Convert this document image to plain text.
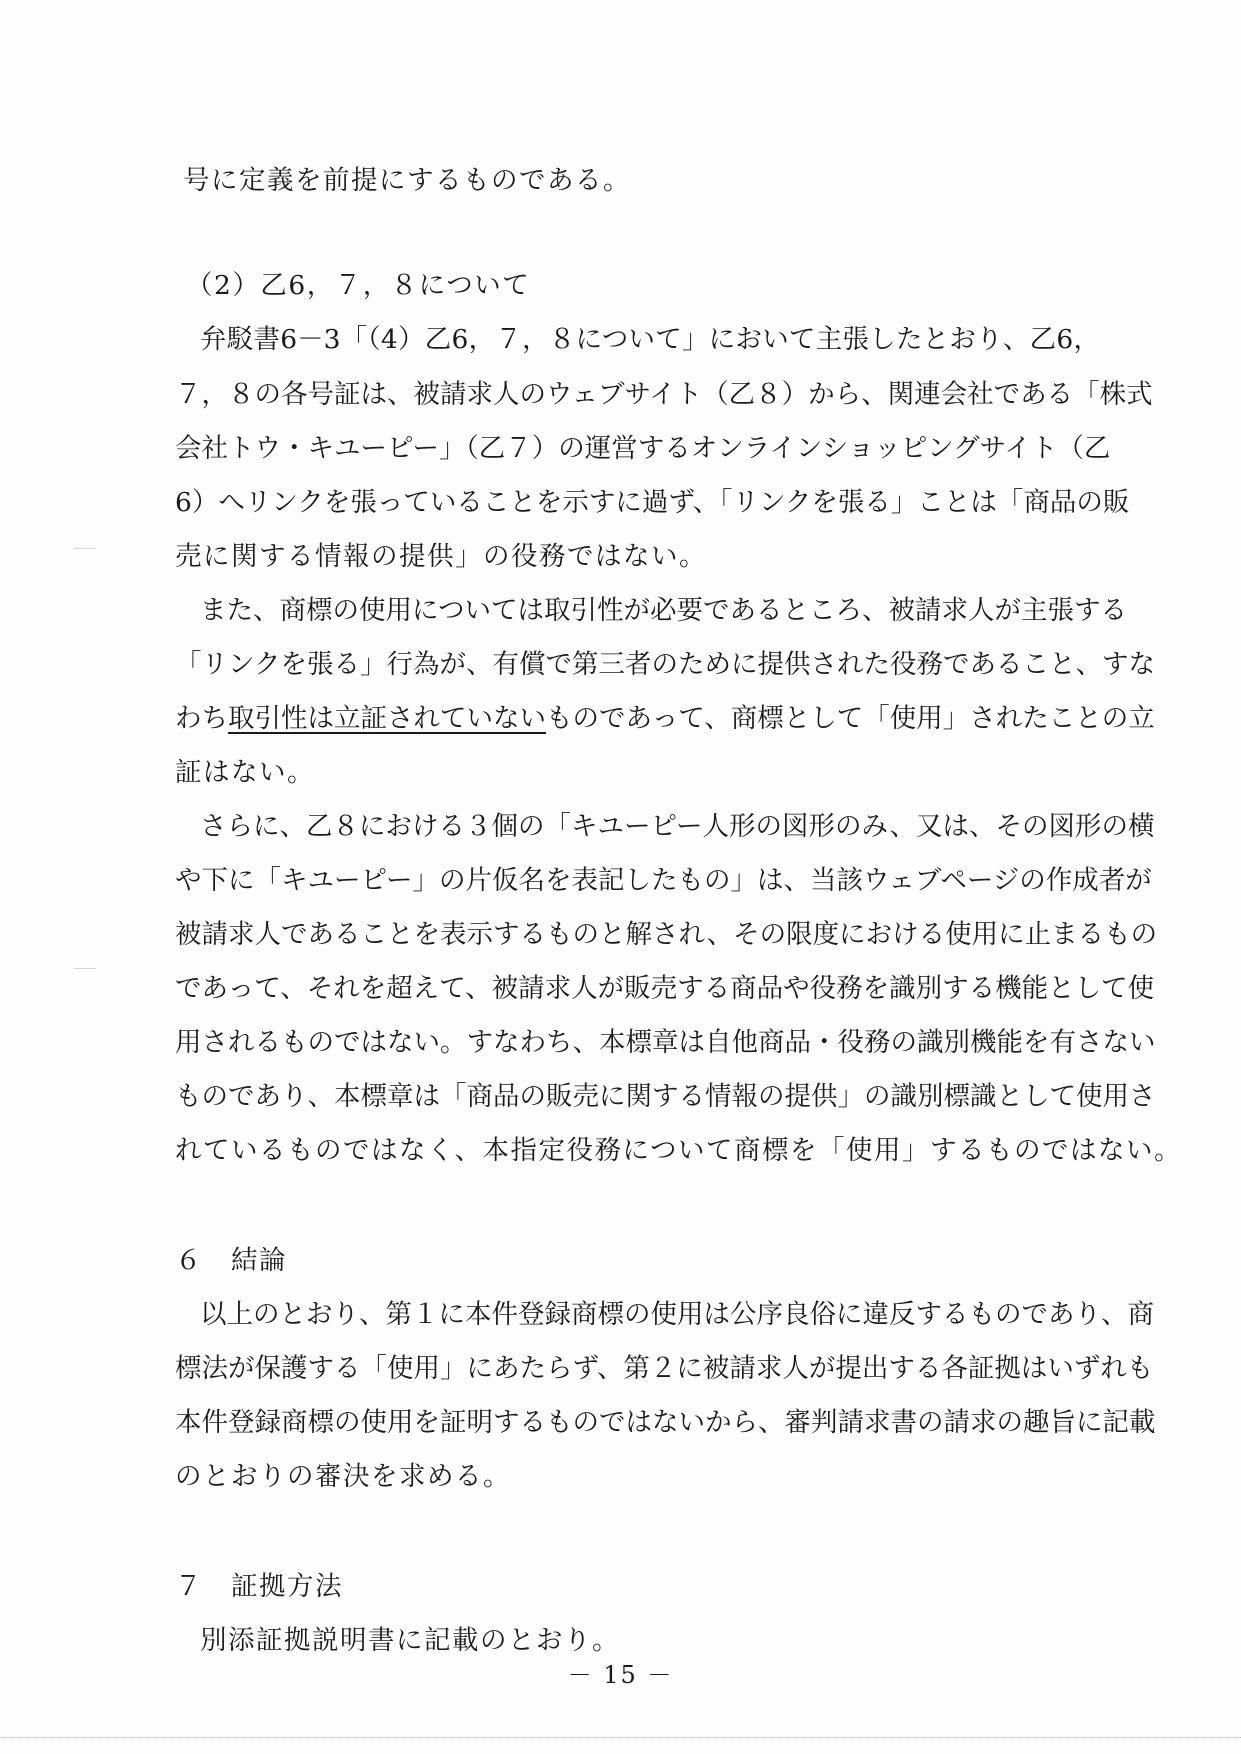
号に定義を前提にするものである。
（2）乙6，７，８について
弁駁書6－3「（4）乙6，７，８について」において主張したとおり、乙6，
７，８の各号証は、被請求人のウェブサイト（乙８）から、関連会社である「株式
会社トウ・キユーピー」（乙７）の運営するオンラインショッピングサイト（乙
6）へリンクを張っていることを示すに過ず、「リンクを張る」ことは「商品の販
売に関する情報の提供」の役務ではない。
また、商標の使用については取引性が必要であるところ、被請求人が主張する
「リンクを張る」行為が、有償で第三者のために提供された役務であること、すな
わち取引性は立証されていないものであって、商標として「使用」されたことの立
証はない。
さらに、乙８における３個の「キユーピー人形の図形のみ、又は、その図形の横
や下に「キユーピー」の片仮名を表記したもの」は、当該ウェブページの作成者が
被請求人であることを表示するものと解され、その限度における使用に止まるもの
であって、それを超えて、被請求人が販売する商品や役務を識別する機能として使
用されるものではない。すなわち、本標章は自他商品・役務の識別機能を有さない
ものであり、本標章は「商品の販売に関する情報の提供」の識別標識として使用さ
れているものではなく、本指定役務について商標を「使用」するものではない。
６　結論
以上のとおり、第１に本件登録商標の使用は公序良俗に違反するものであり、商
標法が保護する「使用」にあたらず、第２に被請求人が提出する各証拠はいずれも
本件登録商標の使用を証明するものではないから、審判請求書の請求の趣旨に記載
のとおりの審決を求める。
７　証拠方法
別添証拠説明書に記載のとおり。
－ 15 －
